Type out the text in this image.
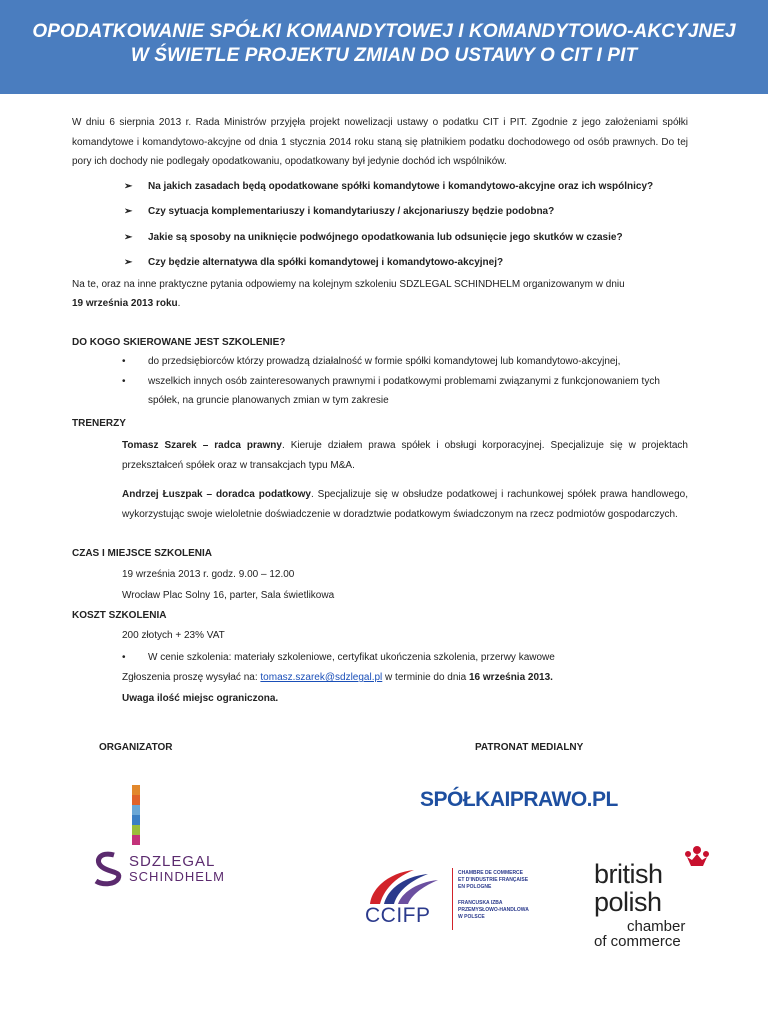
OPODATKOWANIE SPÓŁKI KOMANDYTOWEJ I KOMANDYTOWO-AKCYJNEJ
W ŚWIETLE PROJEKTU ZMIAN DO USTAWY O CIT I PIT

W dniu 6 sierpnia 2013 r. Rada Ministrów przyjęła projekt nowelizacji ustawy o podatku CIT i PIT. Zgodnie z jego założeniami spółki komandytowe i komandytowo-akcyjne od dnia 1 stycznia 2014 roku staną się płatnikiem podatku dochodowego od osób prawnych. Do tej pory ich dochody nie podlegały opodatkowaniu, opodatkowany był jedynie dochód ich wspólników.

➢ Na jakich zasadach będą opodatkowane spółki komandytowe i komandytowo-akcyjne oraz ich wspólnicy?
➢ Czy sytuacja komplementariuszy i komandytariuszy / akcjonariuszy będzie podobna?
➢ Jakie są sposoby na uniknięcie podwójnego opodatkowania lub odsunięcie jego skutków w czasie?
➢ Czy będzie alternatywa dla spółki komandytowej i komandytowo-akcyjnej?

Na te, oraz na inne praktyczne pytania odpowiemy na kolejnym szkoleniu SDZLEGAL SCHINDHELM organizowanym w dniu
19 września 2013 roku.

DO KOGO SKIEROWANE JEST SZKOLENIE?

• do przedsiębiorców którzy prowadzą działalność w formie spółki komandytowej lub komandytowo-akcyjnej,

• wszelkich innych osób zainteresowanych prawnymi i podatkowymi problemami związanymi z funkcjonowaniem tych spółek, na gruncie planowanych zmian w tym zakresie

TRENERZY

Tomasz Szarek – radca prawny. Kieruje działem prawa spółek i obsługi korporacyjnej. Specjalizuje się w projektach przekształceń spółek oraz w transakcjach typu M&A.

Andrzej Łuszpak – doradca podatkowy. Specjalizuje się w obsłudze podatkowej i rachunkowej spółek prawa handlowego, wykorzystując swoje wieloletnie doświadczenie w doradztwie podatkowym świadczonym na rzecz podmiotów gospodarczych.

CZAS I MIEJSCE SZKOLENIA

19 września 2013 r. godz. 9.00 – 12.00

Wrocław Plac Solny 16, parter, Sala świetlikowa

KOSZT SZKOLENIA

200 złotych + 23% VAT

• W cenie szkolenia: materiały szkoleniowe, certyfikat ukończenia szkolenia, przerwy kawowe

Zgłoszenia proszę wysyłać na: tomasz.szarek@sdzlegal.pl w terminie do dnia 16 września 2013.

Uwaga ilość miejsc ograniczona.

ORGANIZATOR	PATRONAT MEDIALNY
SDZLEGAL
SCHINDHELM
SPÓŁKAIPRAWO.PL
CCIFP
CHAMBRE DE COMMERCE
ET D'INDUSTRIE FRANÇAISE
EN POLOGNE
FRANCUSKA IZBA
PRZEMYSŁOWO-HANDLOWA
W POLSCE
british
polish
chamber
of commerce
